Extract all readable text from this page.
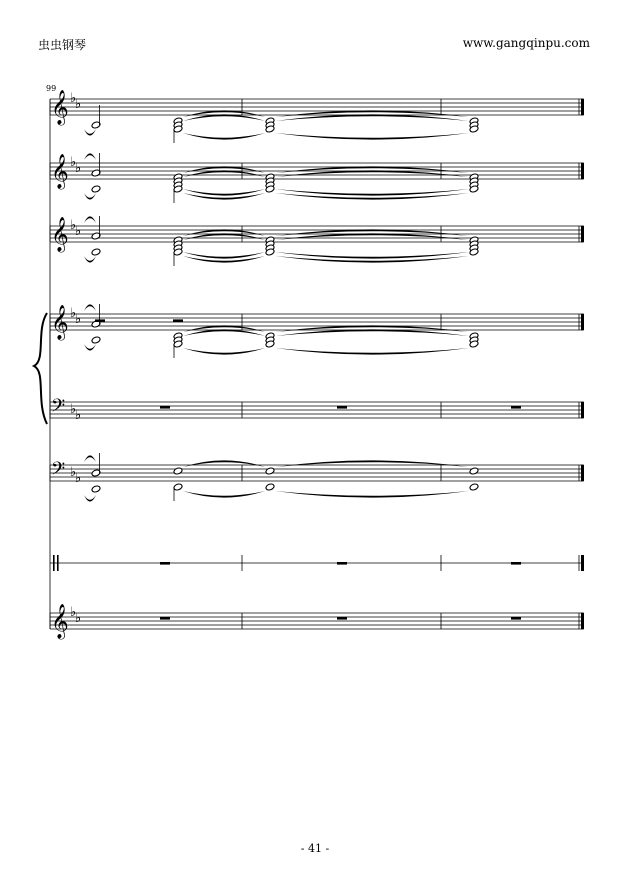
虫虫钢琴	www.gangqinpu.com
99
𝄞 ♭
♭
𝄞 ♭
♭
𝄞 ♭
♭
𝄞 ♭
♭
𝄢 ♭
♭
𝄢 ♭
♭
𝄞 ♭
♭
- 41 -
